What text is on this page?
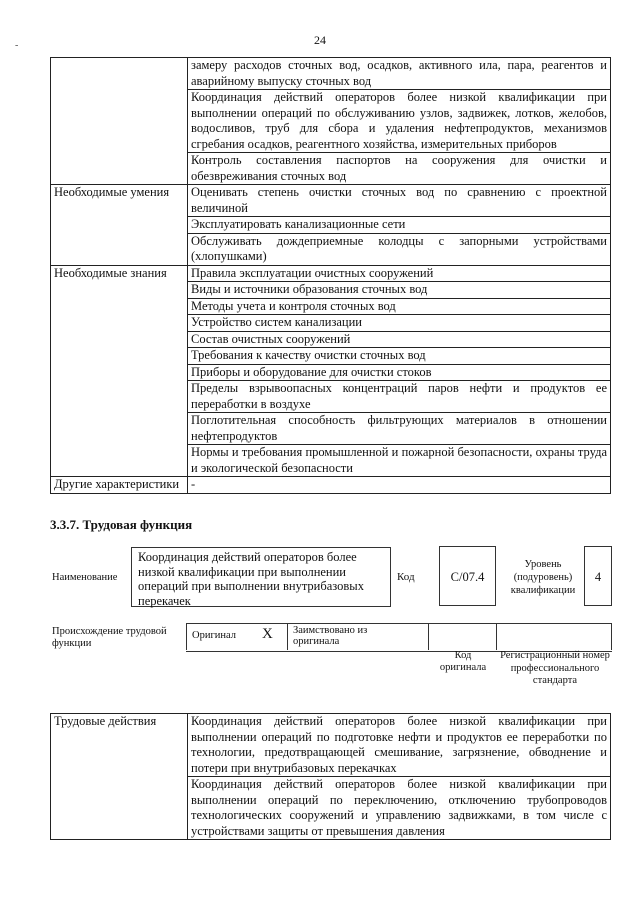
24
‑
	замеру расходов сточных вод, осадков, активного ила, пара, реагентов и аварийному выпуску сточных вод
	Координация действий операторов более низкой квалификации при выполнении операций по обслуживанию узлов, задвижек, лотков, желобов, водосливов, труб для сбора и удаления нефтепродуктов, механизмов сгребания осадков, реагентного хозяйства, измерительных приборов
	Контроль составления паспортов на сооружения для очистки и обезвреживания сточных вод
Необходимые умения	Оценивать степень очистки сточных вод по сравнению с проектной величиной
	Эксплуатировать канализационные сети
	Обслуживать дождеприемные колодцы с запорными устройствами (хлопушками)
Необходимые знания	Правила эксплуатации очистных сооружений
	Виды и источники образования сточных вод
	Методы учета и контроля сточных вод
	Устройство систем канализации
	Состав очистных сооружений
	Требования к качеству очистки сточных вод
	Приборы и оборудование для очистки стоков
	Пределы взрывоопасных концентраций паров нефти и продуктов ее переработки в воздухе
	Поглотительная способность фильтрующих материалов в отношении нефтепродуктов
	Нормы и требования промышленной и пожарной безопасности, охраны труда и экологической безопасности
Другие характеристики	-
3.3.7. Трудовая функция
Наименование
Координация действий операторов более низкой квалификации при выполнении операций при выполнении внутрибазовых перекачек
Код	C/07.4
Уровень (подуровень) квалификации
4
Происхождение трудовой функции
Оригинал X Заимствовано из оригинала
Код оригинала
Регистрационный номер профессионального стандарта
Трудовые действия	Координация действий операторов более низкой квалификации при выполнении операций по подготовке нефти и продуктов ее переработки по технологии, предотвращающей смешивание, загрязнение, обводнение и потери при внутрибазовых перекачках
Координация действий операторов более низкой квалификации при выполнении операций по переключению, отключению трубопроводов технологических сооружений и управлению задвижками, в том числе с устройствами защиты от превышения давления
